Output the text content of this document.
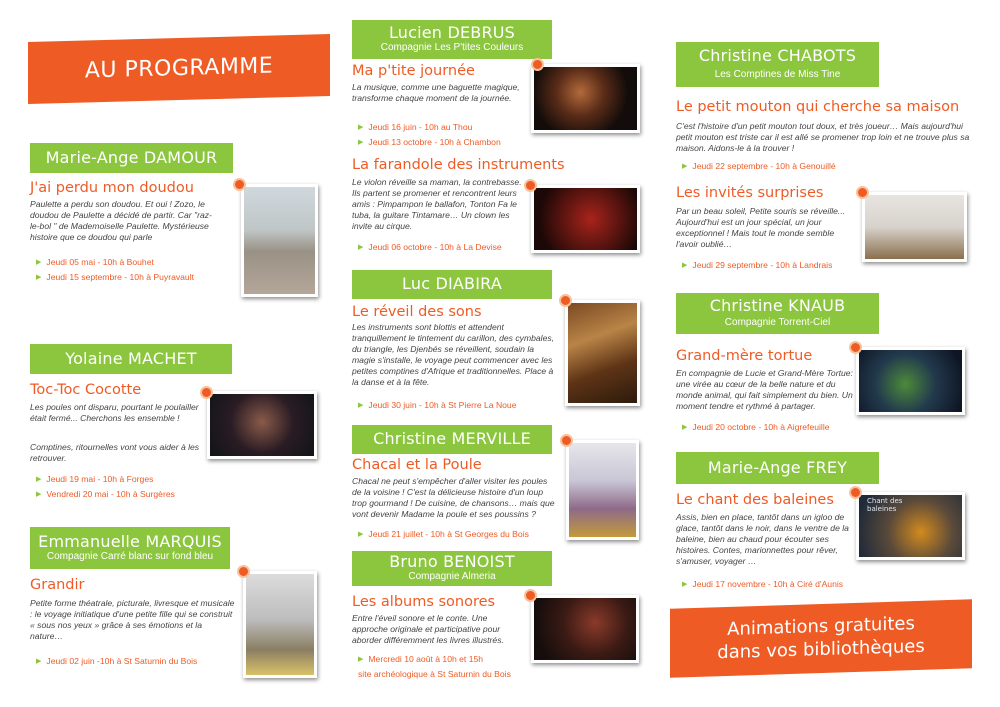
AU PROGRAMME
Marie-Ange DAMOUR
J'ai perdu mon doudou
Paulette a perdu son doudou. Et oui ! Zozo, le doudou de Paulette a décidé de partir. Car "raz-le-bol " de Mademoiselle Paulette. Mystérieuse histoire que ce doudou qui parle
▶ Jeudi 05 mai - 10h à Bouhet
▶ Jeudi 15 septembre - 10h à Puyravault
Yolaine MACHET
Toc-Toc Cocotte
Les poules ont disparu, pourtant le poulailler était fermé... Cherchons les ensemble !
Comptines, ritournelles vont vous aider à les retrouver.
▶ Jeudi 19 mai - 10h à Forges
▶ Vendredi 20 mai - 10h à Surgères
Emmanuelle MARQUIS
Compagnie Carré blanc sur fond bleu
Grandir
Petite forme théatrale, picturale, livresque et musicale : le voyage initiatique d'une petite fille qui se construit « sous nos yeux » grâce à ses émotions et la nature…
▶ Jeudi 02 juin -10h à St Saturnin du Bois
Lucien DEBRUS
Compagnie Les P'tites Couleurs
Ma p'tite journée
La musique, comme une baguette magique, transforme chaque moment de la journée.
▶ Jeudi 16 juin - 10h au Thou
▶ Jeudi 13 octobre - 10h à Chambon
La farandole des instruments
Le violon réveille sa maman, la contrebasse. Ils partent se promener et rencontrent leurs amis : Pimpampon le ballafon, Tonton Fa le tuba, la guitare Tintamare… Un clown les invite au cirque.
▶ Jeudi 06 octobre - 10h à La Devise
Luc DIABIRA
Le réveil des sons
Les instruments sont blottis et attendent tranquillement le tintement du carillon, des cymbales, du triangle, les Djenbés se réveillent, soudain la magie s'installe, le voyage peut commencer avec les petites comptines d'Afrique et traditionnelles. Place à la danse et à la fête.
▶ Jeudi 30 juin - 10h à St Pierre La Noue
Christine MERVILLE
Chacal et la Poule
Chacal ne peut s'empêcher d'aller visiter les poules de la voisine ! C'est la délicieuse histoire d'un loup trop gourmand ! De cuisine, de chansons… mais que vont devenir Madame la poule et ses poussins ?
▶ Jeudi 21 juillet - 10h à St Georges du Bois
Bruno BENOIST
Compagnie Almeria
Les albums sonores
Entre l'éveil sonore et le conte. Une approche originale et participative pour aborder différemment les livres illustrés.
▶ Mercredi 10 août à 10h et 15h
site archéologique à St Saturnin du Bois
Christine CHABOTS
Les Comptines de Miss Tine
Le petit mouton qui cherche sa maison
C'est l'histoire d'un petit mouton tout doux, et très joueur… Mais aujourd'hui petit mouton est triste car il est allé se promener trop loin et ne trouve plus sa maison. Aidons-le à la trouver !
▶ Jeudi 22 septembre - 10h à Genouillé
Les invités surprises
Par un beau soleil, Petite souris se réveille... Aujourd'hui est un jour spécial, un jour exceptionnel ! Mais tout le monde semble l'avoir oublié…
▶ Jeudi 29 septembre - 10h à Landrais
Christine KNAUB
Compagnie Torrent-Ciel
Grand-mère tortue
En compagnie de Lucie et Grand-Mère Tortue: une virée au cœur de la belle nature et du monde animal, qui fait simplement du bien. Un moment tendre et rythmé à partager.
▶ Jeudi 20 octobre - 10h à Aigrefeuille
Marie-Ange FREY
Le chant des baleines
Assis, bien en place, tantôt dans un igloo de glace, tantôt dans le noir, dans le ventre de la baleine, bien au chaud pour écouter ses histoires. Contes, marionnettes pour rêver, s'amuser, voyager …
▶ Jeudi 17 novembre - 10h à Ciré d'Aunis
Chant des baleines
Animations gratuites
dans vos bibliothèques
